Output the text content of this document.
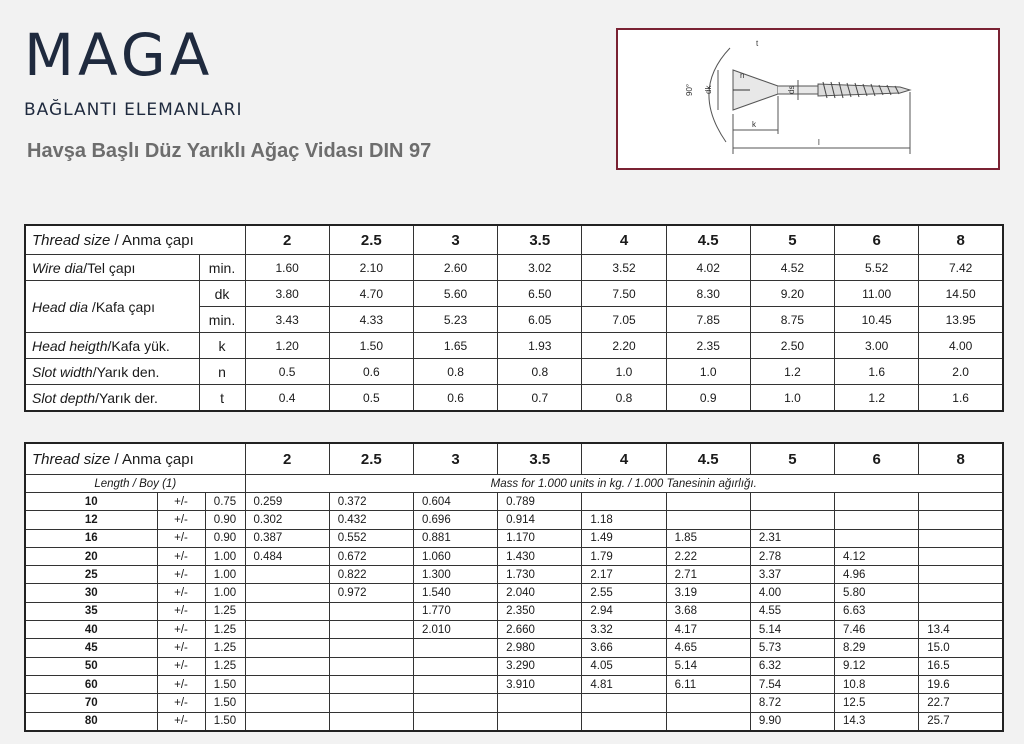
MAGA
BAĞLANTI ELEMANLARI
Havşa Başlı Düz Yarıklı Ağaç Vidası DIN 97
90° dk
n
ds
k
t
l
Thread size / Anma çapı		2	2.5	3	3.5	4	4.5	5	6	8
Wire dia/Tel çapı	min.	1.60	2.10	2.60	3.02	3.52	4.02	4.52	5.52	7.42
Head dia /Kafa çapı	dk	3.80	4.70	5.60	6.50	7.50	8.30	9.20	11.00	14.50
	min.	3.43	4.33	5.23	6.05	7.05	7.85	8.75	10.45	13.95
Head heigth/Kafa yük.	k	1.20	1.50	1.65	1.93	2.20	2.35	2.50	3.00	4.00
Slot width/Yarık den.	n	0.5	0.6	0.8	0.8	1.0	1.0	1.2	1.6	2.0
Slot depth/Yarık der.	t	0.4	0.5	0.6	0.7	0.8	0.9	1.0	1.2	1.6
Thread size / Anma çapı			2	2.5	3	3.5	4	4.5	5	6	8
Length / Boy (1)			Mass for 1.000 units in kg. / 1.000 Tanesinin ağırlığı.								
10	+/-	0.75	0.259	0.372	0.604	0.789					
12	+/-	0.90	0.302	0.432	0.696	0.914	1.18				
16	+/-	0.90	0.387	0.552	0.881	1.170	1.49	1.85	2.31		
20	+/-	1.00	0.484	0.672	1.060	1.430	1.79	2.22	2.78	4.12	
25	+/-	1.00		0.822	1.300	1.730	2.17	2.71	3.37	4.96	
30	+/-	1.00		0.972	1.540	2.040	2.55	3.19	4.00	5.80	
35	+/-	1.25			1.770	2.350	2.94	3.68	4.55	6.63	
40	+/-	1.25			2.010	2.660	3.32	4.17	5.14	7.46	13.4
45	+/-	1.25				2.980	3.66	4.65	5.73	8.29	15.0
50	+/-	1.25				3.290	4.05	5.14	6.32	9.12	16.5
60	+/-	1.50				3.910	4.81	6.11	7.54	10.8	19.6
70	+/-	1.50							8.72	12.5	22.7
80	+/-	1.50							9.90	14.3	25.7
